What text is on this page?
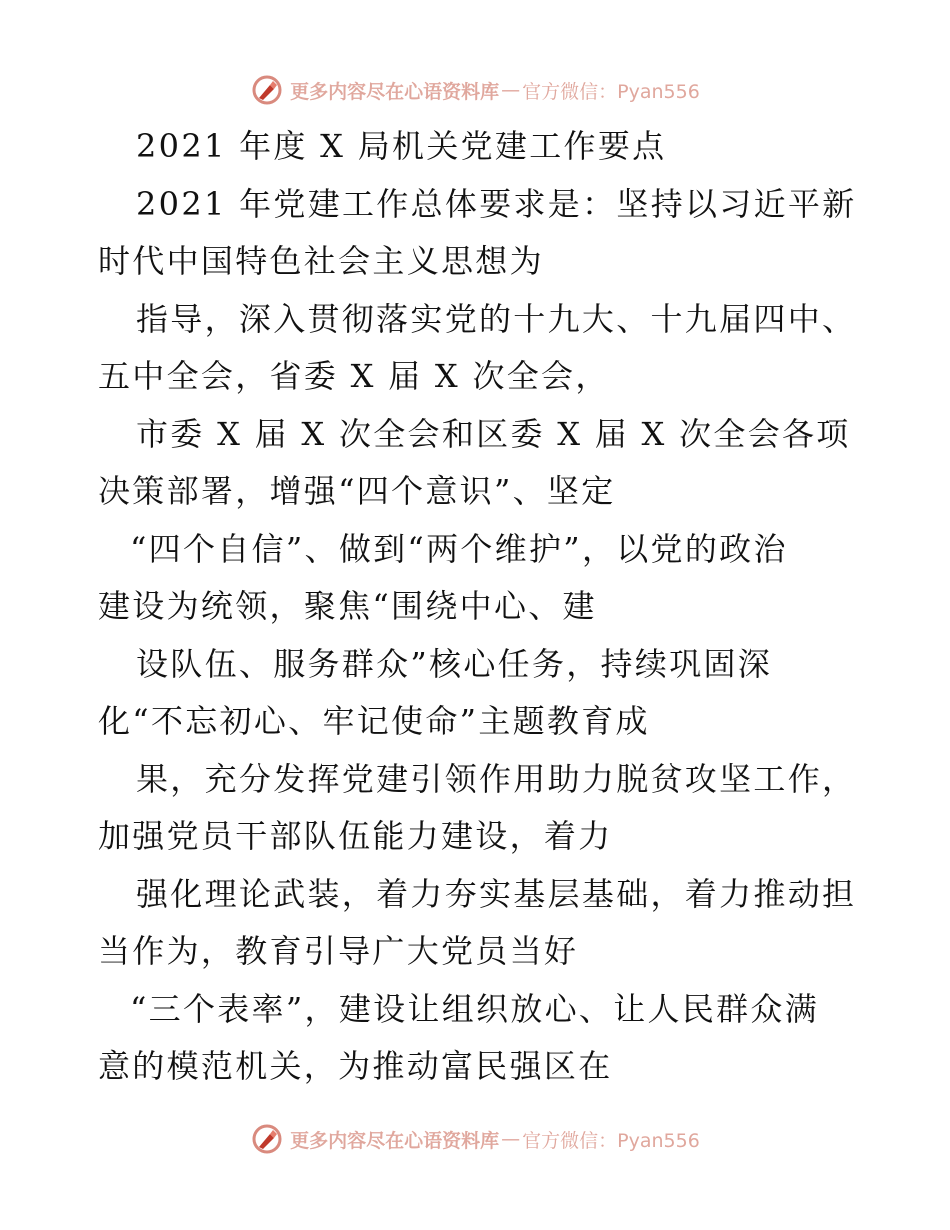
更多内容尽在心语资料库 — 官方微信：Pyan556
2021 年度 X 局机关党建工作要点
2021 年党建工作总体要求是：坚持以习近平新
时代中国特色社会主义思想为
指导，深入贯彻落实党的十九大、十九届四中、
五中全会，省委 X 届 X 次全会，
市委 X 届 X 次全会和区委 X 届 X 次全会各项
决策部署，增强“四个意识”、坚定
“四个自信”、做到“两个维护”，以党的政治
建设为统领，聚焦“围绕中心、建
设队伍、服务群众”核心任务，持续巩固深
化“不忘初心、牢记使命”主题教育成
果，充分发挥党建引领作用助力脱贫攻坚工作，
加强党员干部队伍能力建设，着力
强化理论武装，着力夯实基层基础，着力推动担
当作为，教育引导广大党员当好
“三个表率”，建设让组织放心、让人民群众满
意的模范机关，为推动富民强区在
更多内容尽在心语资料库 — 官方微信：Pyan556
